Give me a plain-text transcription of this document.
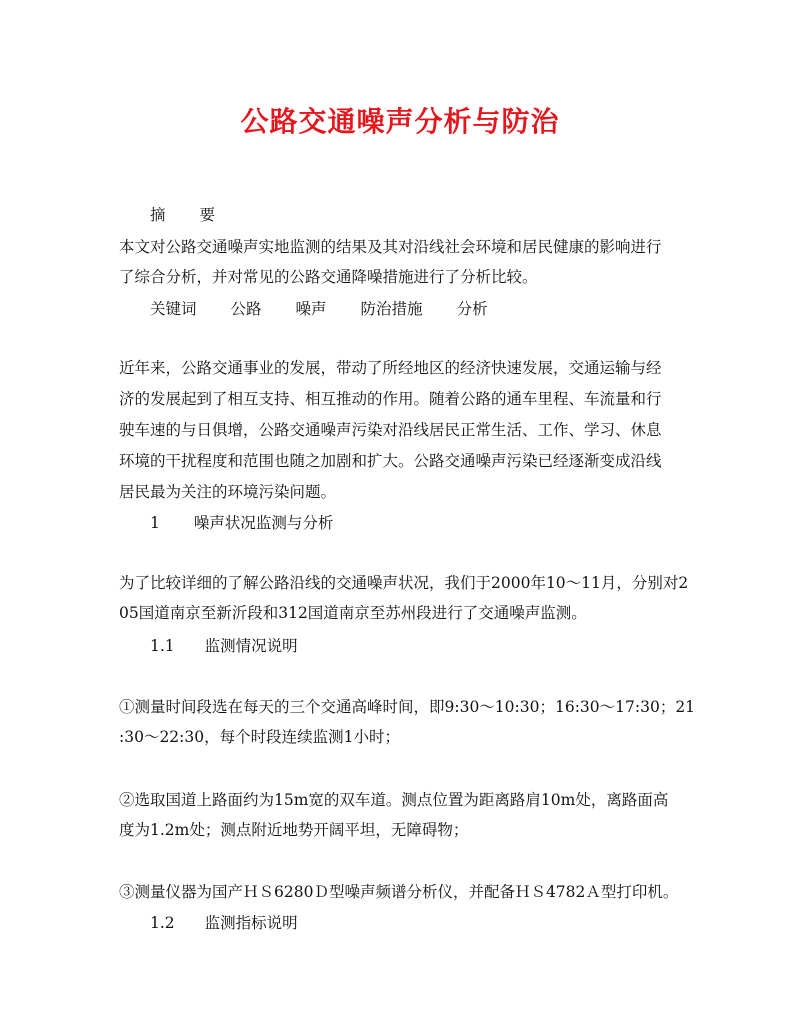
公路交通噪声分析与防治
摘 要
本文对公路交通噪声实地监测的结果及其对沿线社会环境和居民健康的影响进行
了综合分析，并对常见的公路交通降噪措施进行了分析比较。
关键词 公路 噪声 防治措施 分析
近年来，公路交通事业的发展，带动了所经地区的经济快速发展，交通运输与经
济的发展起到了相互支持、相互推动的作用。随着公路的通车里程、车流量和行
驶车速的与日俱增，公路交通噪声污染对沿线居民正常生活、工作、学习、休息
环境的干扰程度和范围也随之加剧和扩大。公路交通噪声污染已经逐渐变成沿线
居民最为关注的环境污染问题。
1 噪声状况监测与分析
为了比较详细的了解公路沿线的交通噪声状况，我们于2000年10～11月，分别对2
05国道南京至新沂段和312国道南京至苏州段进行了交通噪声监测。
1.1 监测情况说明
①测量时间段选在每天的三个交通高峰时间，即9:30～10:30；16:30～17:30；21
:30～22:30，每个时段连续监测1小时；
②选取国道上路面约为15m宽的双车道。测点位置为距离路肩10m处，离路面高
度为1.2m处；测点附近地势开阔平坦，无障碍物；
③测量仪器为国产ＨＳ6280Ｄ型噪声频谱分析仪，并配备ＨＳ4782Ａ型打印机。
1.2 监测指标说明
